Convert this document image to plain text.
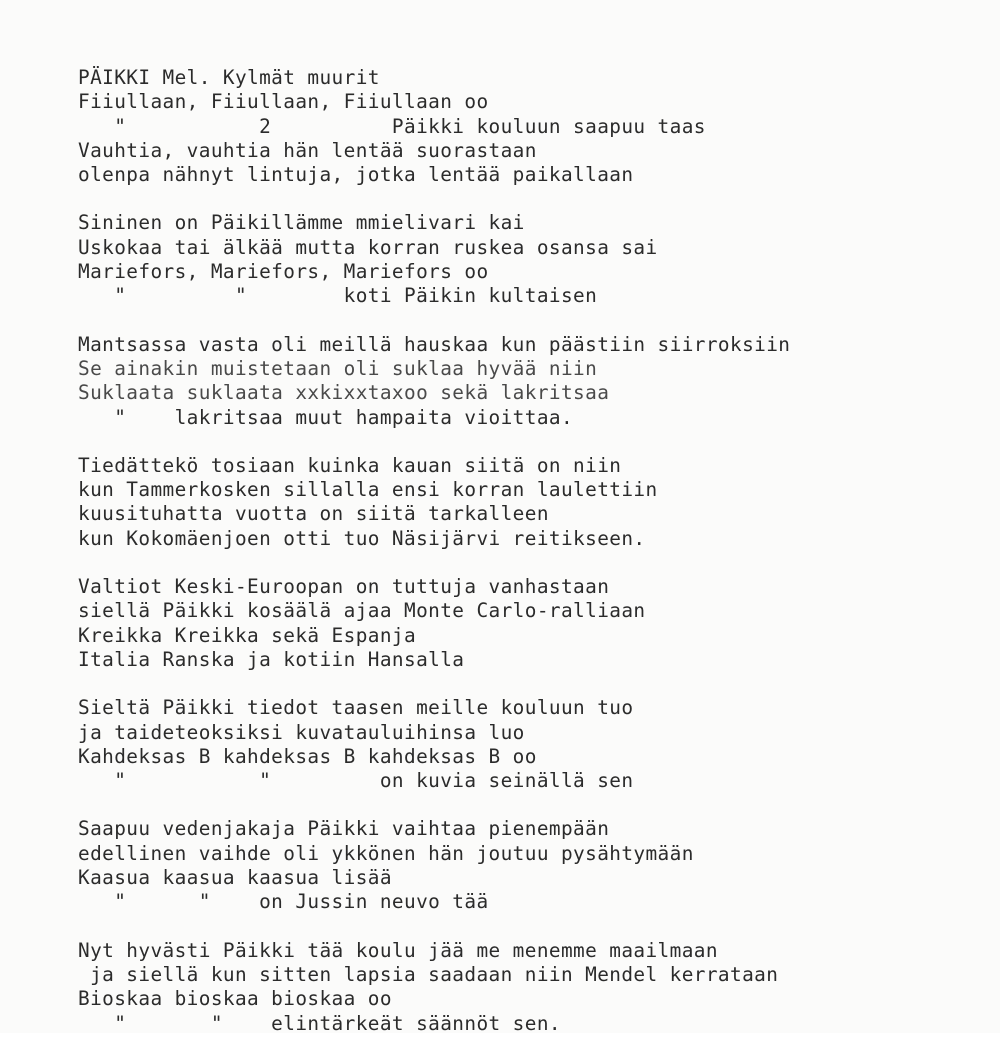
PÄIKKI Mel. Kylmät muurit
Fiiullaan, Fiiullaan, Fiiullaan oo
"           2          Päikki kouluun saapuu taas
Vauhtia, vauhtia hän lentää suorastaan
olenpa nähnyt lintuja, jotka lentää paikallaan
Sininen on Päikillämme mmielivari kai
Uskokaa tai älkää mutta korran ruskea osansa sai
Mariefors, Mariefors, Mariefors oo
"         "        koti Päikin kultaisen
Mantsassa vasta oli meillä hauskaa kun päästiin siirroksiin
Se ainakin muistetaan oli suklaa hyvää niin
Suklaata suklaata xxkixxtaxoo sekä lakritsaa
"    lakritsaa muut hampaita vioittaa.
Tiedättekö tosiaan kuinka kauan siitä on niin
kun Tammerkosken sillalla ensi korran laulettiin
kuusituhatta vuotta on siitä tarkalleen
kun Kokomäenjoen otti tuo Näsijärvi reitikseen.
Valtiot Keski-Euroopan on tuttuja vanhastaan
siellä Päikki kosäälä ajaa Monte Carlo-ralliaan
Kreikka Kreikka sekä Espanja
Italia Ranska ja kotiin Hansalla
Sieltä Päikki tiedot taasen meille kouluun tuo
ja taideteoksiksi kuvatauluihinsa luo
Kahdeksas B kahdeksas B kahdeksas B oo
"           "         on kuvia seinällä sen
Saapuu vedenjakaja Päikki vaihtaa pienempään
edellinen vaihde oli ykkönen hän joutuu pysähtymään
Kaasua kaasua kaasua lisää
"      "    on Jussin neuvo tää
Nyt hyvästi Päikki tää koulu jää me menemme maailmaan
ja siellä kun sitten lapsia saadaan niin Mendel kerrataan
Bioskaa bioskaa bioskaa oo
"       "    elintärkeät säännöt sen.
